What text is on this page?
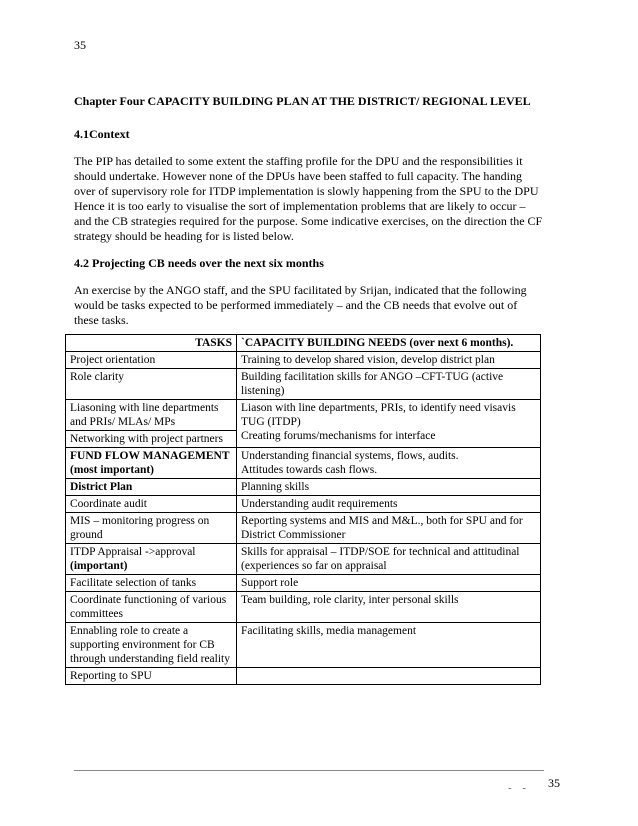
35
Chapter Four CAPACITY BUILDING PLAN AT THE DISTRICT/ REGIONAL LEVEL
4.1Context

The PIP has detailed to some extent the staffing profile for the DPU and the responsibilities it should undertake. However none of the DPUs have been staffed to full capacity. The handing over of supervisory role for ITDP implementation is slowly happening from the SPU to the DPU Hence it is too early to visualise the sort of implementation problems that are likely to occur – and the CB strategies required for the purpose. Some indicative exercises, on the direction the CF strategy should be heading for is listed below.

4.2 Projecting CB needs over the next six months

An exercise by the ANGO staff, and the SPU facilitated by Srijan, indicated that the following would be tasks expected to be performed immediately – and the CB needs that evolve out of these tasks.

TASKS	`CAPACITY BUILDING NEEDS (over next 6 months).
Project orientation	Training to develop shared vision, develop district plan
Role clarity	Building facilitation skills for ANGO –CFT-TUG (active listening)
Liasoning with line departments and PRIs/ MLAs/ MPs	Liason with line departments, PRIs, to identify need visavis TUG (ITDP)
Creating forums/mechanisms for interface

Networking with project partners	
FUND FLOW MANAGEMENT (most important)	Understanding financial systems, flows, audits.
Attitudes towards cash flows.

District Plan	Planning skills
Coordinate audit	Understanding audit requirements
MIS – monitoring progress on ground	Reporting systems and MIS and M&L., both for SPU and for District Commissioner

ITDP Appraisal ->approval
(important)	Skills for appraisal – ITDP/SOE for technical and attitudinal (experiences so far on appraisal
Facilitate selection of tanks	Support role
Coordinate functioning of various committees	Team building, role clarity, inter personal skills
Ennabling role to create a supporting environment for CB through understanding field reality	Facilitating skills, media management
Reporting to SPU	
- - 35
